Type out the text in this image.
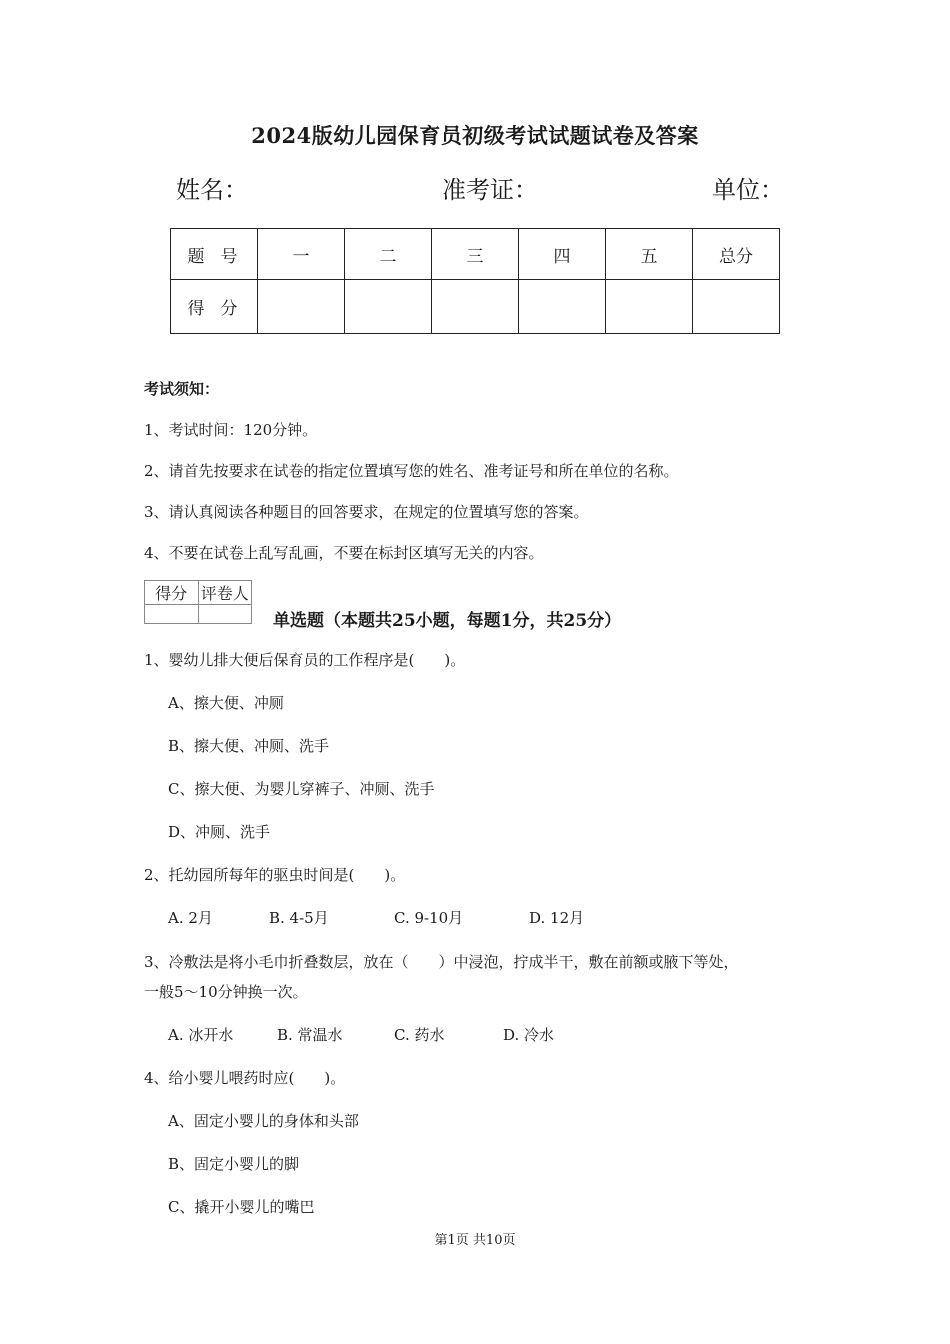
2024版幼儿园保育员初级考试试题试卷及答案
姓名：	准考证：	单位：
题号	一	二	三	四	五	总分
得分						
考试须知：
1、考试时间：120分钟。
2、请首先按要求在试卷的指定位置填写您的姓名、准考证号和所在单位的名称。
3、请认真阅读各种题目的回答要求，在规定的位置填写您的答案。
4、不要在试卷上乱写乱画，不要在标封区填写无关的内容。
得分	评卷人

单选题（本题共25小题，每题1分，共25分）
1、婴幼儿排大便后保育员的工作程序是(　　)。
A、擦大便、冲厕
B、擦大便、冲厕、洗手
C、擦大便、为婴儿穿裤子、冲厕、洗手
D、冲厕、洗手
2、托幼园所每年的驱虫时间是(　　)。
A. 2月	B. 4-5月	C. 9-10月	D. 12月
3、冷敷法是将小毛巾折叠数层，放在（　　）中浸泡，拧成半干，敷在前额或腋下等处，
一般5～10分钟换一次。
A. 冰开水	B. 常温水	C. 药水	D. 冷水
4、给小婴儿喂药时应(　　)。
A、固定小婴儿的身体和头部
B、固定小婴儿的脚
C、撬开小婴儿的嘴巴
第1页 共10页
